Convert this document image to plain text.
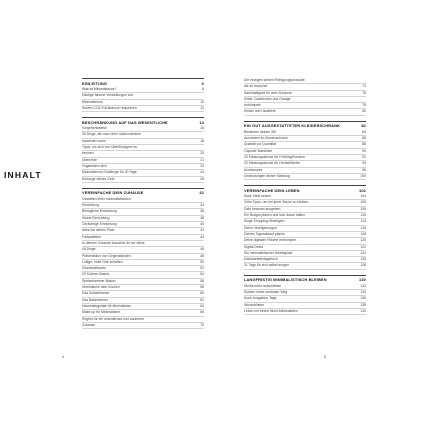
INHALT
EINLEITUNG	6
Was ist Minimalismus?	8
Häufige falsche Vorstellungen von
Minimalismus	10
Seinen CO2-Fußabdruck reduzieren	12
BESCHRÄNKUNG AUF DAS WESENTLICHE	14
Vorgehensweise	16
25 Dinge, die man ohne nachzudenken
loswerden kann	18
Tipps, um sich von Überflüssigem zu
trennen	20
Überreste	21
Organisiere dich	22
Minimalismus-Challenge für 30 Tage	24
Entsorge dieses Geld	26
VEREINFACHE DEIN ZUHAUSE	32
Gestalten einer minimalistischen
Einrichtung	34
Behagliche Einrichtung	36
Kleine Einrichtung	38
Geräumige Einrichtung	40
Alles hat seinen Platz	42
Farbpaletten	44
In deinem Zuhause brauchst du nur diese
45 Dinge	46
Präsentation von Gegenständen	48
Luftige, helle Orte schaffen	50
Zimmerpflanzen	52
20 Küchen-Basics	54
Speisekammer-Basics	56
Vereinfache dein Kochen	58
Das Schlafzimmer	60
Das Badezimmer	62
Haushaltsgeräte für Minimalisten	64
Make-up für Minimalisten	66
Regeln für ein ordentliches und sauberes
Zuhause	72
Die einzigen sieben Reinigungsprodukte,
die du brauchst	74
Nachhaltigkeit für dein Zuhause	76
Keller, Dachboden und Garage
entrümpeln	78
Kinder und Haustiere	80
EIN GUT AUSGESTATTETER KLEIDERSCHRANK	82
Bestimme deinen Stil	84
Ausmisten im Kleiderschrank	86
Qualität vor Quantität	88
Capsule Wardrobe	90
20 Kleidungsstücke für Frühling/Sommer	92
20 Kleidungsstücke für Herbst/Winter	94
Accessoires	96
Umdeutungen deiner Kleidung	100
VEREINFACHE DEIN LEBEN	102
Klare Ziele setzen	104
Zehn Tipps, um bei jener Sache zu bleiben	105
Geld bewusst ausgeben	108
Ein Budget planen und sich daran halten	110
Kluge Shopping-Strategien	114
Deine Verzögerungen	116
Deinen Tagesablauf planen	118
Deine digitalen Räume entrümpeln	120
Digital Detox	122
Ein minimalistischer Arbeitsplatz	124
Dankbarkeitstagebuch	126
21 Tage für sich selbst sorgen	128
LANGFRISTIG MINIMALISTISCH BLEIBEN	130
Nichts mehr aufschieben	132
System eines neutralen Weg	134
Noch Ausgaben-Tage	136
Wunschlisten	138
Leben mit einem Nicht-Minimalisten	140
4	5
